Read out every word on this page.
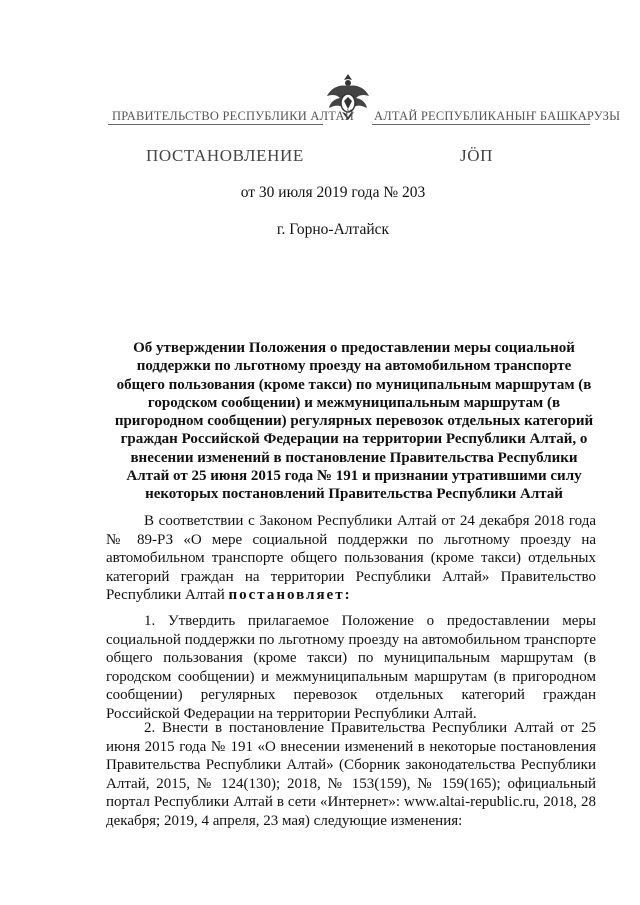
ПРАВИТЕЛЬСТВО РЕСПУБЛИКИ АЛТАЙ АЛТАЙ РЕСПУБЛИКАНЫҤ БАШКАРУЗЫ
ПОСТАНОВЛЕНИЕ	ЈÖП
от 30 июля 2019 года № 203
г. Горно-Алтайск
Об утверждении Положения о предоставлении меры социальной поддержки по льготному проезду на автомобильном транспорте общего пользования (кроме такси) по муниципальным маршрутам (в городском сообщении) и межмуниципальным маршрутам (в пригородном сообщении) регулярных перевозок отдельных категорий граждан Российской Федерации на территории Республики Алтай, о внесении изменений в постановление Правительства Республики Алтай от 25 июня 2015 года № 191 и признании утратившими силу некоторых постановлений Правительства Республики Алтай
В соответствии с Законом Республики Алтай от 24 декабря 2018 года № 89-РЗ «О мере социальной поддержки по льготному проезду на автомобильном транспорте общего пользования (кроме такси) отдельных категорий граждан на территории Республики Алтай» Правительство Республики Алтай постановляет:
1. Утвердить прилагаемое Положение о предоставлении меры социальной поддержки по льготному проезду на автомобильном транспорте общего пользования (кроме такси) по муниципальным маршрутам (в городском сообщении) и межмуниципальным маршрутам (в пригородном сообщении) регулярных перевозок отдельных категорий граждан Российской Федерации на территории Республики Алтай.
2. Внести в постановление Правительства Республики Алтай от 25 июня 2015 года № 191 «О внесении изменений в некоторые постановления Правительства Республики Алтай» (Сборник законодательства Республики Алтай, 2015, № 124(130); 2018, № 153(159), № 159(165); официальный портал Республики Алтай в сети «Интернет»: www.altai-republic.ru, 2018, 28 декабря; 2019, 4 апреля, 23 мая) следующие изменения:
